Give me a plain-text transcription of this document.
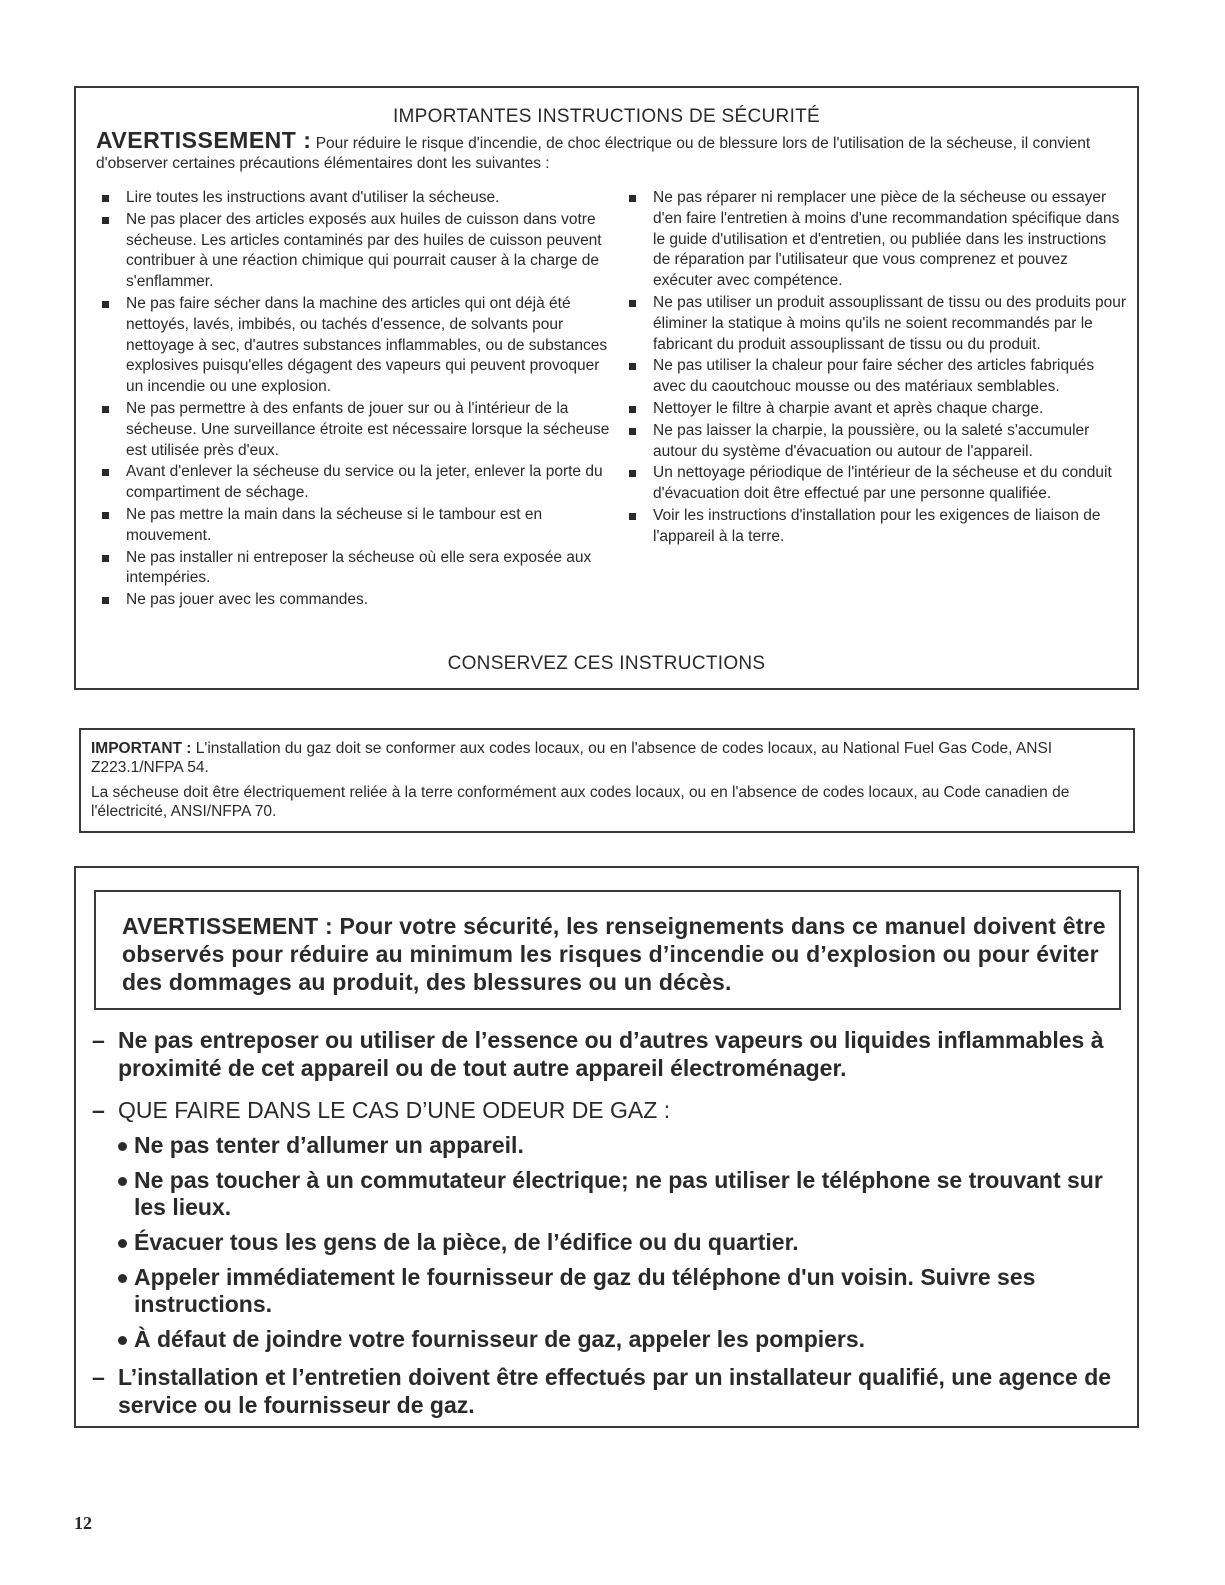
IMPORTANTES INSTRUCTIONS DE SÉCURITÉ
AVERTISSEMENT : Pour réduire le risque d'incendie, de choc électrique ou de blessure lors de l'utilisation de la sécheuse, il convient d'observer certaines précautions élémentaires dont les suivantes :
Lire toutes les instructions avant d'utiliser la sécheuse.
Ne pas placer des articles exposés aux huiles de cuisson dans votre sécheuse. Les articles contaminés par des huiles de cuisson peuvent contribuer à une réaction chimique qui pourrait causer à la charge de s'enflammer.
Ne pas faire sécher dans la machine des articles qui ont déjà été nettoyés, lavés, imbibés, ou tachés d'essence, de solvants pour nettoyage à sec, d'autres substances inflammables, ou de substances explosives puisqu'elles dégagent des vapeurs qui peuvent provoquer un incendie ou une explosion.
Ne pas permettre à des enfants de jouer sur ou à l'intérieur de la sécheuse. Une surveillance étroite est nécessaire lorsque la sécheuse est utilisée près d'eux.
Avant d'enlever la sécheuse du service ou la jeter, enlever la porte du compartiment de séchage.
Ne pas mettre la main dans la sécheuse si le tambour est en mouvement.
Ne pas installer ni entreposer la sécheuse où elle sera exposée aux intempéries.
Ne pas jouer avec les commandes.
Ne pas réparer ni remplacer une pièce de la sécheuse ou essayer d'en faire l'entretien à moins d'une recommandation spécifique dans le guide d'utilisation et d'entretien, ou publiée dans les instructions de réparation par l'utilisateur que vous comprenez et pouvez exécuter avec compétence.
Ne pas utiliser un produit assouplissant de tissu ou des produits pour éliminer la statique à moins qu'ils ne soient recommandés par le fabricant du produit assouplissant de tissu ou du produit.
Ne pas utiliser la chaleur pour faire sécher des articles fabriqués avec du caoutchouc mousse ou des matériaux semblables.
Nettoyer le filtre à charpie avant et après chaque charge.
Ne pas laisser la charpie, la poussière, ou la saleté s'accumuler autour du système d'évacuation ou autour de l'appareil.
Un nettoyage périodique de l'intérieur de la sécheuse et du conduit d'évacuation doit être effectué par une personne qualifiée.
Voir les instructions d'installation pour les exigences de liaison de l'appareil à la terre.
CONSERVEZ CES INSTRUCTIONS

IMPORTANT : L'installation du gaz doit se conformer aux codes locaux, ou en l'absence de codes locaux, au National Fuel Gas Code, ANSI Z223.1/NFPA 54.

La sécheuse doit être électriquement reliée à la terre conformément aux codes locaux, ou en l'absence de codes locaux, au Code canadien de l'électricité, ANSI/NFPA 70.

AVERTISSEMENT : Pour votre sécurité, les renseignements dans ce manuel doivent être observés pour réduire au minimum les risques d’incendie ou d’explosion ou pour éviter des dommages au produit, des blessures ou un décès.
– Ne pas entreposer ou utiliser de l’essence ou d’autres vapeurs ou liquides inflammables à proximité de cet appareil ou de tout autre appareil électroménager.
– QUE FAIRE DANS LE CAS D’UNE ODEUR DE GAZ :
Ne pas tenter d’allumer un appareil.
Ne pas toucher à un commutateur électrique; ne pas utiliser le téléphone se trouvant sur les lieux.
Évacuer tous les gens de la pièce, de l’édifice ou du quartier.
Appeler immédiatement le fournisseur de gaz du téléphone d'un voisin. Suivre ses instructions.
À défaut de joindre votre fournisseur de gaz, appeler les pompiers.
– L’installation et l’entretien doivent être effectués par un installateur qualifié, une agence de service ou le fournisseur de gaz.
12
